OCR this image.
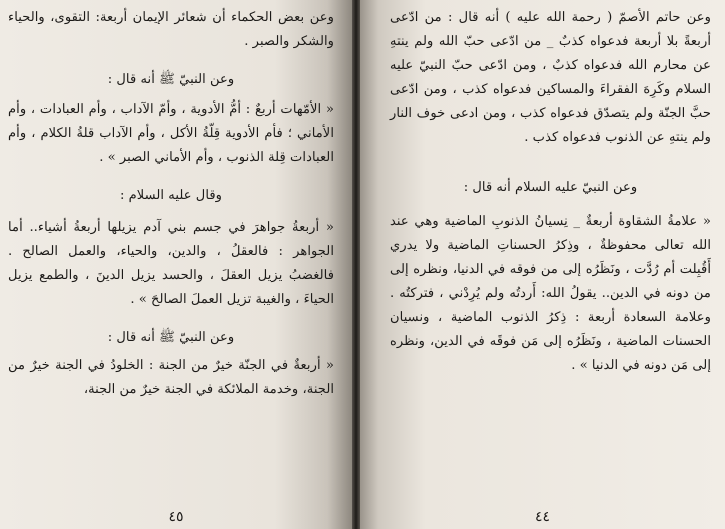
وعن بعض الحكماء أن شعائر الإيمان أربعة: التقوى، والحياء والشكر والصبر .

وعن النبيّ ﷺ أنه قال :

« الأمّهات أربعٌ : أمُّ الأدوية ، وأمّ الآداب ، وأم العبادات ، وأم الأماني ؛ فأم الأدوية قِلّةُ الأكل ، وأم الآداب قلةُ الكلام ، وأم العبادات قِلة الذنوب ، وأم الأماني الصبر » .

وقال عليه السلام :

« أربعةُ جواهرَ في جسم بني آدم يزيلها أربعةُ أشياء.. أما الجواهر : فالعقلُ ، والدين، والحياء، والعمل الصالح . فالغضبُ يزيل العقلَ ، والحسد يزيل الدينَ ، والطمع يزيل الحياءَ ، والغيبة تزيل العملَ الصالحَ » .

وعن النبيّ ﷺ أنه قال :

« أربعةٌ في الجنّة خيرٌ من الجنة : الخلودُ في الجنة خيرٌ من الجنة، وخدمة الملائكة في الجنة خيرٌ من الجنة،

٤٥

وعن حاتم الأصمّ ( رحمة الله عليه ) أنه قال : من ادّعى أربعةً بلا أربعة فدعواه كذبٌ _ من ادّعى حبّ الله ولم ينتهِ عن محارم الله فدعواه كذبٌ ، ومن ادّعى حبّ النبيّ عليه السلام وكَرِهَ الفقراءَ والمساكين فدعواه كذب ، ومن ادّعى حبَّ الجنّة ولم يتصدّق فدعواه كذب ، ومن ادعى خوف النار ولم ينتهِ عن الذنوب فدعواه كذب .

وعن النبيّ عليه السلام أنه قال :

« علامةُ الشقاوة أربعةٌ _ نِسيانُ الذنوبِ الماضية وهي عند الله تعالى محفوظةٌ ، وذِكرُ الحسناتِ الماضية ولا يدري أَقُبِلت أم رُدَّت ، ونَظَرُه إلى من فوقه في الدنيا، ونظره إلى من دونه في الدين.. يقولُ الله: أَردتُه ولم يُرِدْني ، فتركتُه . وعلامة السعادة أربعة : ذِكرُ الذنوب الماضية ، ونسيان الحسنات الماضية ، ونَظَرُه إلى مَن فوقَه في الدين، ونظره إلى مَن دونه في الدنيا » .

٤٤
